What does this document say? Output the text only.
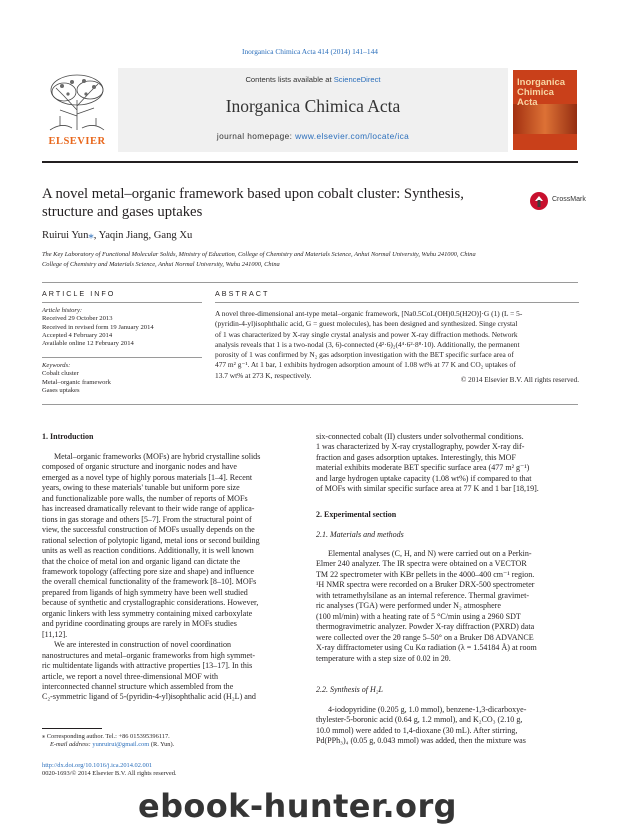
Inorganica Chimica Acta 414 (2014) 141–144
Contents lists available at ScienceDirect
Inorganica Chimica Acta
journal homepage: www.elsevier.com/locate/ica
ELSEVIER
Inorganica Chimica Acta
A novel metal–organic framework based upon cobalt cluster: Synthesis,
structure and gases uptakes
CrossMark
Ruirui Yun⁎, Yaqin Jiang, Gang Xu
The Key Laboratory of Functional Molecular Solids, Ministry of Education, College of Chemistry and Materials Science, Anhui Normal University, Wuhu 241000, China
College of Chemistry and Materials Science, Anhui Normal University, Wuhu 241000, China
ARTICLE INFO
Article history:
Received 29 October 2013
Received in revised form 19 January 2014
Accepted 4 February 2014
Available online 12 February 2014
Keywords:
Cobalt cluster
Metal–organic framework
Gases uptakes
ABSTRACT
A novel three-dimensional ant-type metal–organic framework, [Na0.5CoL(OH)0.5(H2O)]·G (1) (L = 5-
(pyridin-4-yl)isophthalic acid, G = guest molecules), has been designed and synthesized. Singe crystal
of 1 was characterized by X-ray single crystal analysis and power X-ray diffraction methods. Network
analysis reveals that 1 is a two-nodal (3, 6)-connected (4²·6)₂(4⁴·6²·8⁸·10). Additionally, the permanent
porosity of 1 was confirmed by N₂ gas adsorption investigation with the BET specific surface area of
477 m² g⁻¹. At 1 bar, 1 exhibits hydrogen adsorption amount of 1.08 wt% at 77 K and CO₂ uptakes of
13.7 wt% at 273 K, respectively.
© 2014 Elsevier B.V. All rights reserved.
1. Introduction
Metal–organic frameworks (MOFs) are hybrid crystalline solids
composed of organic structure and inorganic nodes and have
emerged as a novel type of highly porous materials [1–4]. Recent
years, owing to these materials' tunable but uniform pore size
and functionalizable pore walls, the number of reports of MOFs
has increased dramatically relevant to their wide range of applica-
tions in gas storage and others [5–7]. From the structural point of
view, the successful construction of MOFs usually depends on the
rational selection of polytopic ligand, metal ions or second building
units as well as reaction conditions. Additionally, it is well known
that the choice of metal ion and organic ligand can dictate the
framework topology (affecting pore size and shape) and influence
the overall chemical functionality of the framework [8–10]. MOFs
prepared from ligands of high symmetry have been well studied
because of synthetic and crystallographic considerations. However,
organic linkers with less symmetry containing mixed carboxylate
and pyridine coordinating groups are rarely in MOFs studies
[11,12].
We are interested in construction of novel coordination
nanostructures and metal–organic frameworks from high symmet-
ric multidentate ligands with attractive properties [13–17]. In this
article, we report a novel three-dimensional MOF with
interconnected channel structure which assembled from the
C₂-symmetric ligand of 5-(pyridin-4-yl)isophthalic acid (H₂L) and
six-connected cobalt (II) clusters under solvothermal conditions.
1 was characterized by X-ray crystallography, powder X-ray dif-
fraction and gases adsorption uptakes. Interestingly, this MOF
material exhibits moderate BET specific surface area (477 m² g⁻¹)
and large hydrogen uptake capacity (1.08 wt%) if compared to that
of MOFs with similar specific surface area at 77 K and 1 bar [18,19].
2. Experimental section
2.1. Materials and methods
Elemental analyses (C, H, and N) were carried out on a Perkin-
Elmer 240 analyzer. The IR spectra were obtained on a VECTOR
TM 22 spectrometer with KBr pellets in the 4000–400 cm⁻¹ region.
¹H NMR spectra were recorded on a Bruker DRX-500 spectrometer
with tetramethylsilane as an internal reference. Thermal gravimet-
ric analyses (TGA) were performed under N₂ atmosphere
(100 ml/min) with a heating rate of 5 °C/min using a 2960 SDT
thermogravimetric analyzer. Powder X-ray diffraction (PXRD) data
were collected over the 2θ range 5–50° on a Bruker D8 ADVANCE
X-ray diffractometer using Cu Kα radiation (λ = 1.54184 Å) at room
temperature with a step size of 0.02 in 2θ.
2.2. Synthesis of H₂L
4-iodopyridine (0.205 g, 1.0 mmol), benzene-1,3-dicarboxye-
thylester-5-boronic acid (0.64 g, 1.2 mmol), and K₂CO₃ (2.10 g,
10.0 mmol) were added to 1,4-dioxane (30 mL). After stirring,
Pd(PPh₃)₄ (0.05 g, 0.043 mmol) was added, then the mixture was
⁎ Corresponding author. Tel.: +86 015395396117.
E-mail address: yunruirui@gmail.com (R. Yun).
http://dx.doi.org/10.1016/j.ica.2014.02.001
0020-1693/© 2014 Elsevier B.V. All rights reserved.
ebook-hunter.org
